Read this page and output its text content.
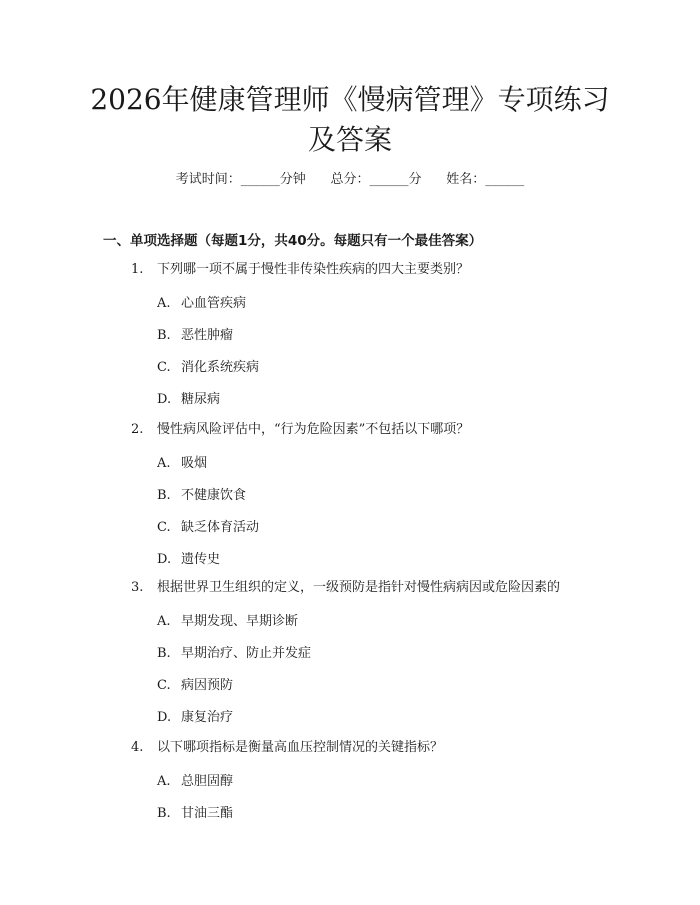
2026年健康管理师《慢病管理》专项练习及答案
考试时间：______分钟      总分：______分      姓名：______
一、单项选择题（每题1分，共40分。每题只有一个最佳答案）
1. 下列哪一项不属于慢性非传染性疾病的四大主要类别？
A. 心血管疾病
B. 恶性肿瘤
C. 消化系统疾病
D. 糖尿病
2. 慢性病风险评估中，“行为危险因素”不包括以下哪项？
A. 吸烟
B. 不健康饮食
C. 缺乏体育活动
D. 遗传史
3. 根据世界卫生组织的定义，一级预防是指针对慢性病病因或危险因素的
A. 早期发现、早期诊断
B. 早期治疗、防止并发症
C. 病因预防
D. 康复治疗
4. 以下哪项指标是衡量高血压控制情况的关键指标？
A. 总胆固醇
B. 甘油三酯
